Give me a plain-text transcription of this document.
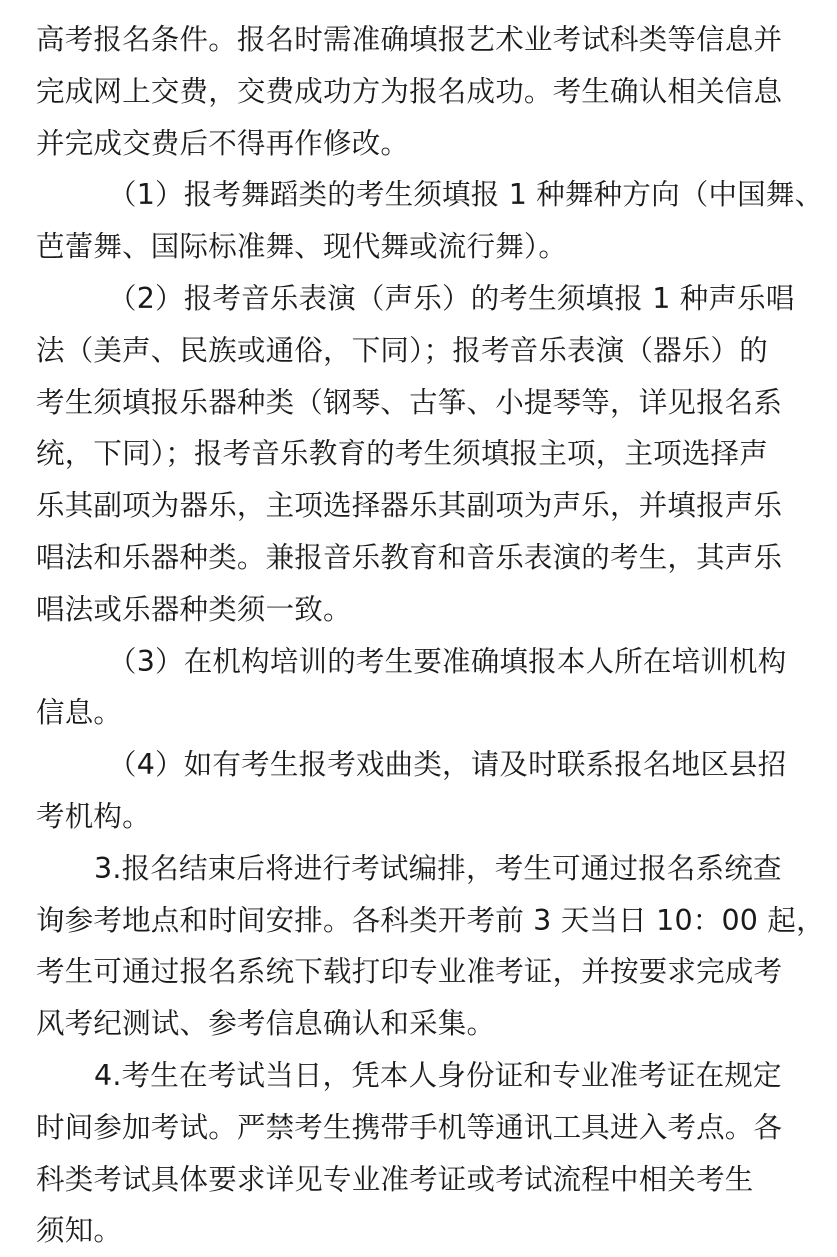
高考报名条件。报名时需准确填报艺术业考试科类等信息并
完成网上交费，交费成功方为报名成功。考生确认相关信息
并完成交费后不得再作修改。
（1）报考舞蹈类的考生须填报 1 种舞种方向（中国舞、
芭蕾舞、国际标准舞、现代舞或流行舞）。
（2）报考音乐表演（声乐）的考生须填报 1 种声乐唱
法（美声、民族或通俗，下同）；报考音乐表演（器乐）的
考生须填报乐器种类（钢琴、古筝、小提琴等，详见报名系
统，下同）；报考音乐教育的考生须填报主项，主项选择声
乐其副项为器乐，主项选择器乐其副项为声乐，并填报声乐
唱法和乐器种类。兼报音乐教育和音乐表演的考生，其声乐
唱法或乐器种类须一致。
（3）在机构培训的考生要准确填报本人所在培训机构
信息。
（4）如有考生报考戏曲类，请及时联系报名地区县招
考机构。
3.报名结束后将进行考试编排，考生可通过报名系统查
询参考地点和时间安排。各科类开考前 3 天当日 10：00 起，
考生可通过报名系统下载打印专业准考证，并按要求完成考
风考纪测试、参考信息确认和采集。
4.考生在考试当日，凭本人身份证和专业准考证在规定
时间参加考试。严禁考生携带手机等通讯工具进入考点。各
科类考试具体要求详见专业准考证或考试流程中相关考生
须知。
